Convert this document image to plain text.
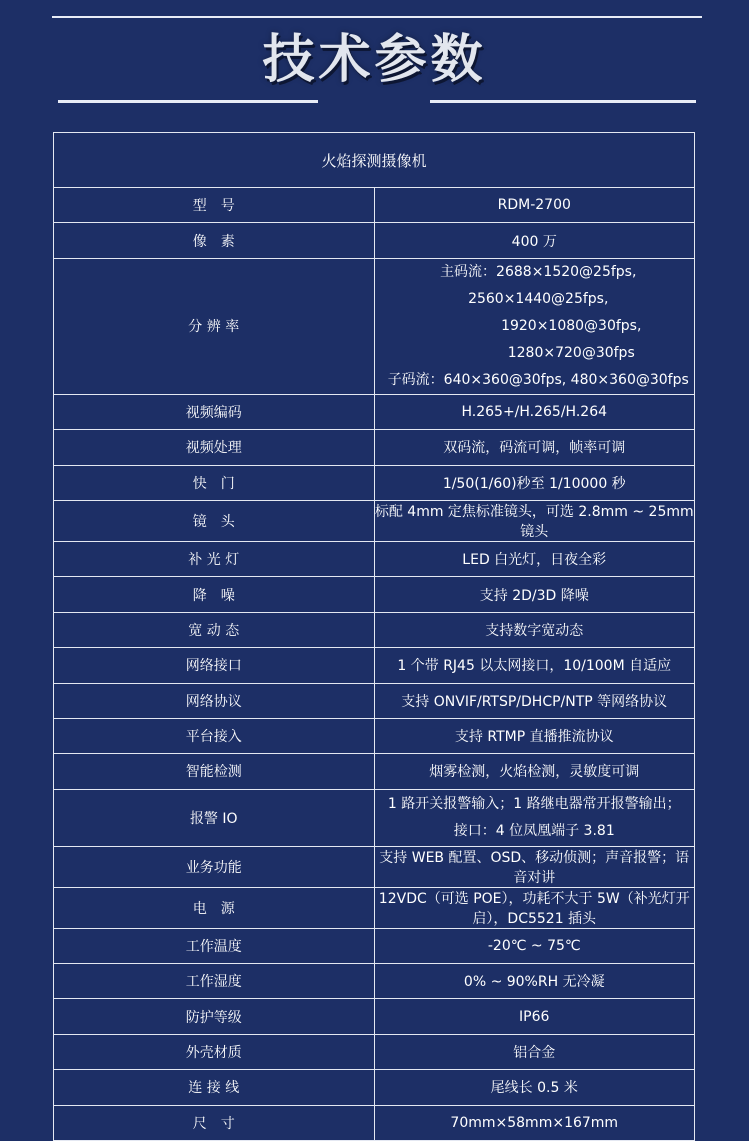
技术参数
火焰探测摄像机	
型　号	RDM-2700
像　素	400 万
分 辨 率	主码流：2688×1520@25fps, 2560×1440@25fps,
1920×1080@30fps, 1280×720@30fps
子码流：640×360@30fps, 480×360@30fps

视频编码	H.265+/H.265/H.264
视频处理	双码流，码流可调，帧率可调
快　门	1/50(1/60)秒至 1/10000 秒
镜　头	标配 4mm 定焦标准镜头，可选 2.8mm ~ 25mm 镜头
补 光 灯	LED 白光灯，日夜全彩
降　噪	支持 2D/3D 降噪
宽 动 态	支持数字宽动态
网络接口	1 个带 RJ45 以太网接口，10/100M 自适应
网络协议	支持 ONVIF/RTSP/DHCP/NTP 等网络协议
平台接入	支持 RTMP 直播推流协议
智能检测	烟雾检测，火焰检测，灵敏度可调
报警 IO	1 路开关报警输入；1 路继电器常开报警输出；
接口：4 位凤凰端子 3.81

业务功能	支持 WEB 配置、OSD、移动侦测；声音报警；语音对讲
电　源	12VDC（可选 POE），功耗不大于 5W（补光灯开启），DC5521 插头
工作温度	-20℃ ~ 75℃
工作湿度	0% ~ 90%RH 无冷凝
防护等级	IP66
外壳材质	铝合金
连 接 线	尾线长 0.5 米
尺　寸	70mm×58mm×167mm
